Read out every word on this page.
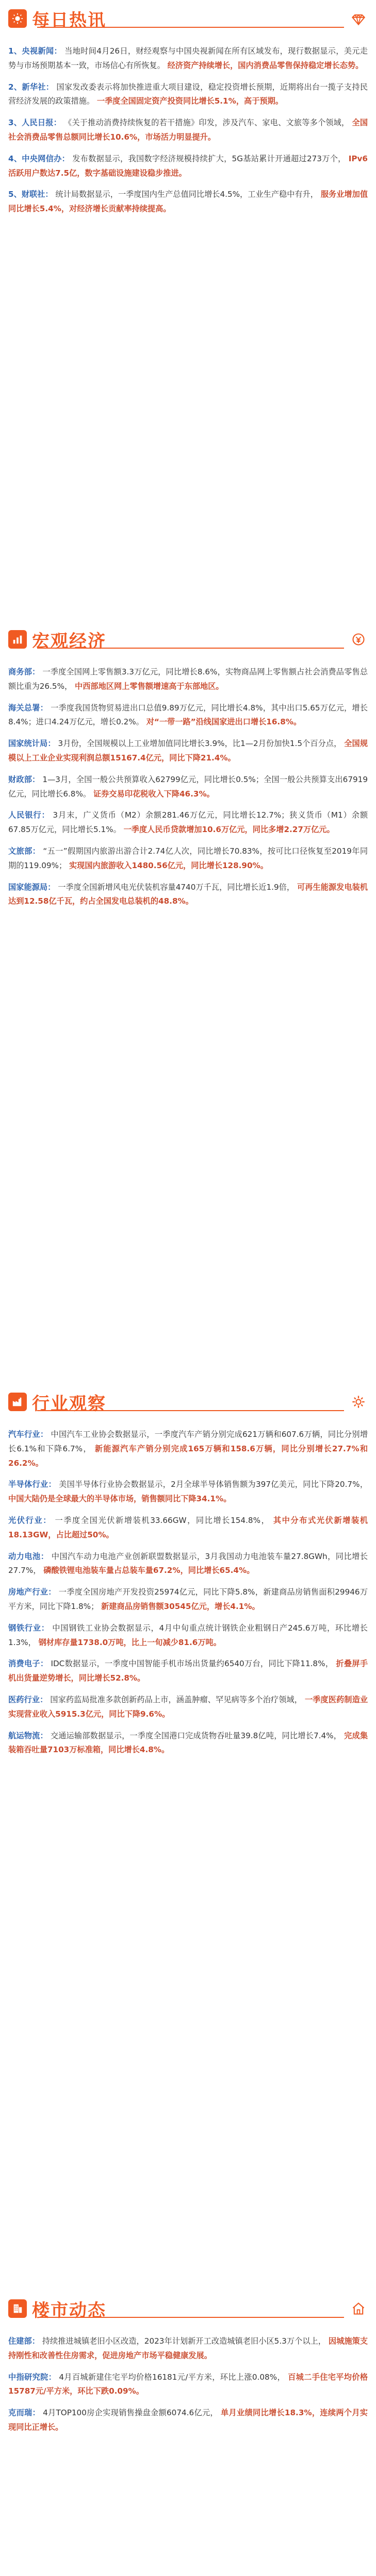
每日热讯

1、央视新闻： 当地时间4月26日，财经观察与中国央视新闻在所有区域发布，现行数据显示，美元走势与市场预期基本一致，市场信心有所恢复。 经济资产持续增长，国内消费品零售保持稳定增长态势。

2、新华社： 国家发改委表示将加快推进重大项目建设，稳定投资增长预期，近期将出台一揽子支持民营经济发展的政策措施。 一季度全国固定资产投资同比增长5.1%，高于预期。

3、人民日报： 《关于推动消费持续恢复的若干措施》印发，涉及汽车、家电、文旅等多个领域， 全国社会消费品零售总额同比增长10.6%，市场活力明显提升。

4、中央网信办： 发布数据显示，我国数字经济规模持续扩大，5G基站累计开通超过273万个， IPv6活跃用户数达7.5亿，数字基础设施建设稳步推进。

5、财联社： 统计局数据显示，一季度国内生产总值同比增长4.5%，工业生产稳中有升， 服务业增加值同比增长5.4%，对经济增长贡献率持续提高。

宏观经济

商务部： 一季度全国网上零售额3.3万亿元，同比增长8.6%，实物商品网上零售额占社会消费品零售总额比重为26.5%， 中西部地区网上零售额增速高于东部地区。

海关总署： 一季度我国货物贸易进出口总值9.89万亿元，同比增长4.8%，其中出口5.65万亿元，增长8.4%；进口4.24万亿元，增长0.2%。 对“一带一路”沿线国家进出口增长16.8%。

国家统计局： 3月份，全国规模以上工业增加值同比增长3.9%，比1—2月份加快1.5个百分点， 全国规模以上工业企业实现利润总额15167.4亿元，同比下降21.4%。

财政部： 1—3月，全国一般公共预算收入62799亿元，同比增长0.5%；全国一般公共预算支出67919亿元，同比增长6.8%。 证券交易印花税收入下降46.3%。

人民银行： 3月末，广义货币（M2）余额281.46万亿元，同比增长12.7%；狭义货币（M1）余额67.85万亿元，同比增长5.1%。 一季度人民币贷款增加10.6万亿元，同比多增2.27万亿元。

文旅部： “五一”假期国内旅游出游合计2.74亿人次，同比增长70.83%，按可比口径恢复至2019年同期的119.09%； 实现国内旅游收入1480.56亿元，同比增长128.90%。

国家能源局： 一季度全国新增风电光伏装机容量4740万千瓦，同比增长近1.9倍， 可再生能源发电装机达到12.58亿千瓦，约占全国发电总装机的48.8%。

行业观察

汽车行业： 中国汽车工业协会数据显示，一季度汽车产销分别完成621万辆和607.6万辆，同比分别增长6.1%和下降6.7%， 新能源汽车产销分别完成165万辆和158.6万辆，同比分别增长27.7%和26.2%。

半导体行业： 美国半导体行业协会数据显示，2月全球半导体销售额为397亿美元，同比下降20.7%， 中国大陆仍是全球最大的半导体市场，销售额同比下降34.1%。

光伏行业： 一季度全国光伏新增装机33.66GW，同比增长154.8%， 其中分布式光伏新增装机18.13GW，占比超过50%。

动力电池： 中国汽车动力电池产业创新联盟数据显示，3月我国动力电池装车量27.8GWh，同比增长27.7%， 磷酸铁锂电池装车量占总装车量67.2%，同比增长65.4%。

房地产行业： 一季度全国房地产开发投资25974亿元，同比下降5.8%，新建商品房销售面积29946万平方米，同比下降1.8%； 新建商品房销售额30545亿元，增长4.1%。

钢铁行业： 中国钢铁工业协会数据显示，4月中旬重点统计钢铁企业粗钢日产245.6万吨，环比增长1.3%， 钢材库存量1738.0万吨，比上一旬减少81.6万吨。

消费电子： IDC数据显示，一季度中国智能手机市场出货量约6540万台，同比下降11.8%， 折叠屏手机出货量逆势增长，同比增长52.8%。

医药行业： 国家药监局批准多款创新药品上市，涵盖肿瘤、罕见病等多个治疗领域， 一季度医药制造业实现营业收入5915.3亿元，同比下降9.6%。

航运物流： 交通运输部数据显示，一季度全国港口完成货物吞吐量39.8亿吨，同比增长7.4%， 完成集装箱吞吐量7103万标准箱，同比增长4.8%。

楼市动态

住建部： 持续推进城镇老旧小区改造，2023年计划新开工改造城镇老旧小区5.3万个以上， 因城施策支持刚性和改善性住房需求，促进房地产市场平稳健康发展。

中指研究院： 4月百城新建住宅平均价格16181元/平方米，环比上涨0.08%， 百城二手住宅平均价格15787元/平方米，环比下跌0.09%。

克而瑞： 4月TOP100房企实现销售操盘金额6074.6亿元， 单月业绩同比增长18.3%，连续两个月实现同比正增长。
